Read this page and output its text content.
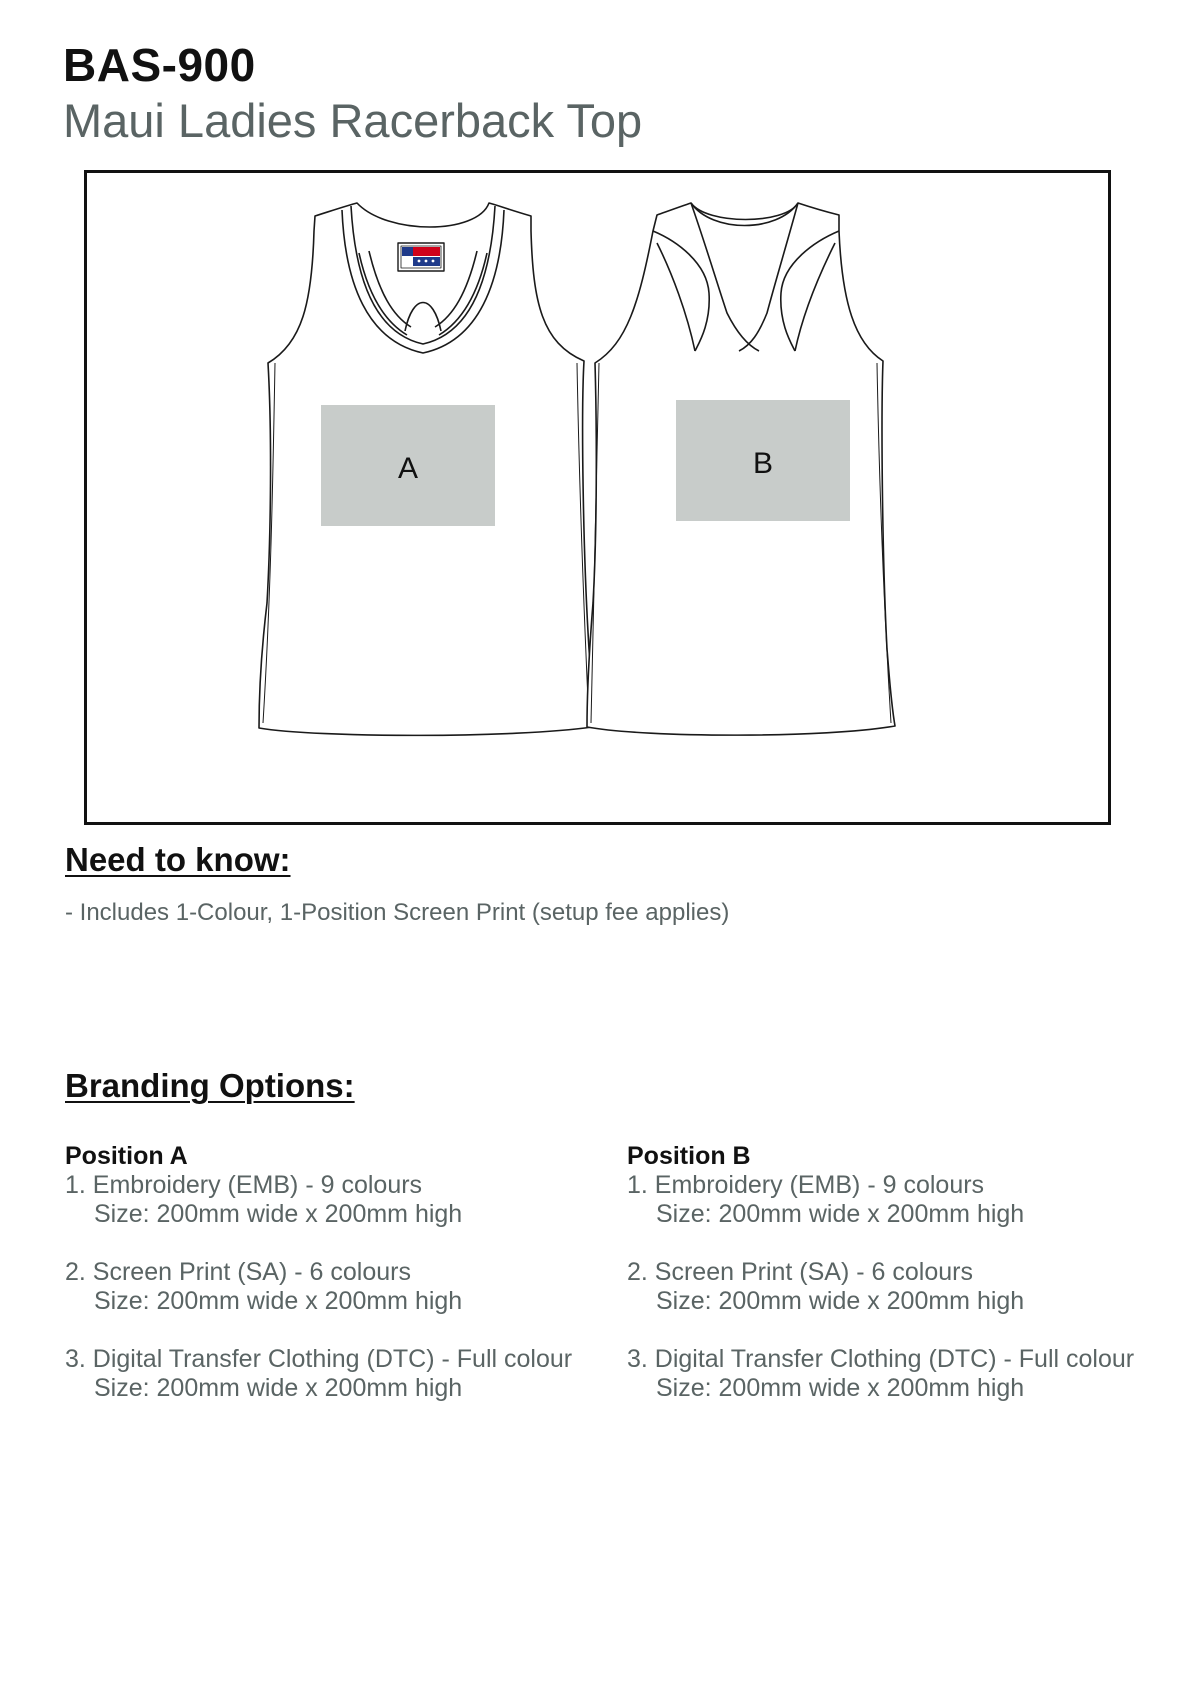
BAS-900
Maui Ladies Racerback Top
A	B
Need to know:
- Includes 1-Colour, 1-Position Screen Print (setup fee applies)
Branding Options:
Position A
1. Embroidery (EMB) - 9 colours
Size: 200mm wide x 200mm high
2. Screen Print (SA) - 6 colours
Size: 200mm wide x 200mm high
3. Digital Transfer Clothing (DTC) - Full colour
Size: 200mm wide x 200mm high
Position B
1. Embroidery (EMB) - 9 colours
Size: 200mm wide x 200mm high
2. Screen Print (SA) - 6 colours
Size: 200mm wide x 200mm high
3. Digital Transfer Clothing (DTC) - Full colour
Size: 200mm wide x 200mm high
